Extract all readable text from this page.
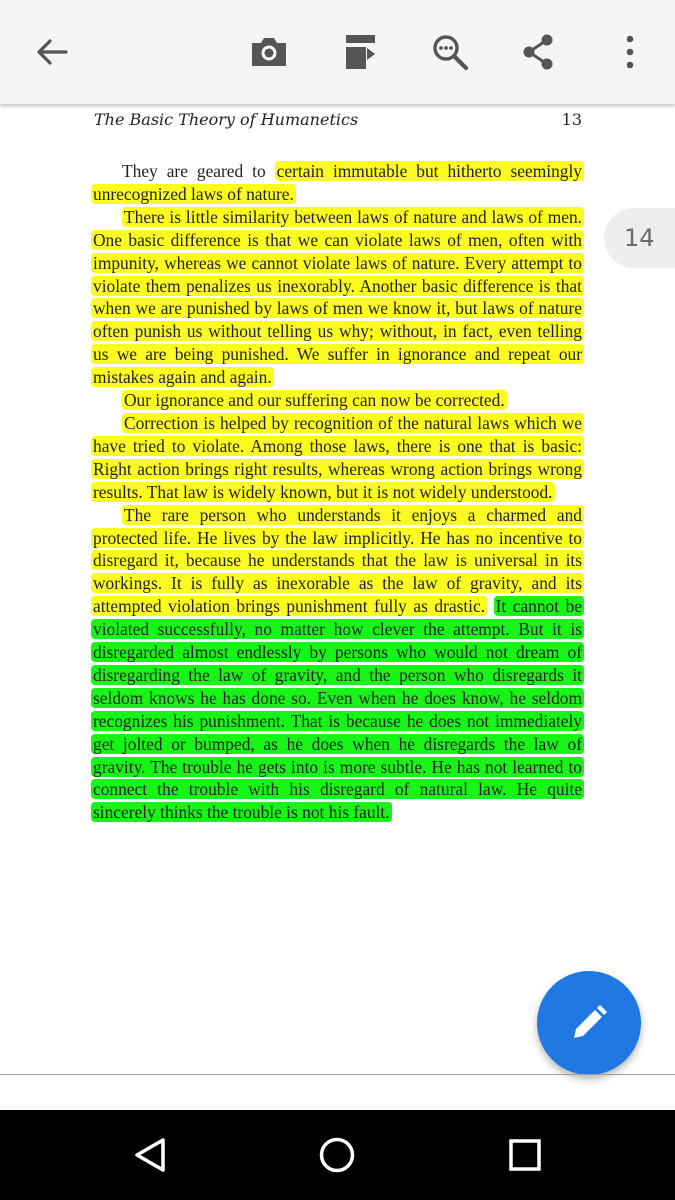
The Basic Theory of Humanetics	13

They are geared to certain immutable but hitherto seemingly unrecognized laws of nature.

There is little similarity between laws of nature and laws of men. One basic difference is that we can violate laws of men, often with impunity, whereas we cannot violate laws of nature. Every attempt to violate them penalizes us inexorably. Another basic difference is that when we are punished by laws of men we know it, but laws of nature often punish us without telling us why; without, in fact, even telling us we are being punished. We suffer in ignorance and repeat our mistakes again and again.

Our ignorance and our suffering can now be corrected.

Correction is helped by recognition of the natural laws which we have tried to violate. Among those laws, there is one that is basic: Right action brings right results, whereas wrong action brings wrong results. That law is widely known, but it is not widely understood.

The rare person who understands it enjoys a charmed and protected life. He lives by the law implicitly. He has no incentive to disregard it, because he understands that the law is universal in its workings. It is fully as inexorable as the law of gravity, and its attempted violation brings punishment fully as drastic. It cannot be violated successfully, no matter how clever the attempt. But it is disregarded almost endlessly by persons who would not dream of disregarding the law of gravity, and the person who disregards it seldom knows he has done so. Even when he does know, he seldom recognizes his punishment. That is because he does not immediately get jolted or bumped, as he does when he disregards the law of gravity. The trouble he gets into is more subtle. He has not learned to connect the trouble with his disregard of natural law. He quite sincerely thinks the trouble is not his fault.

14
